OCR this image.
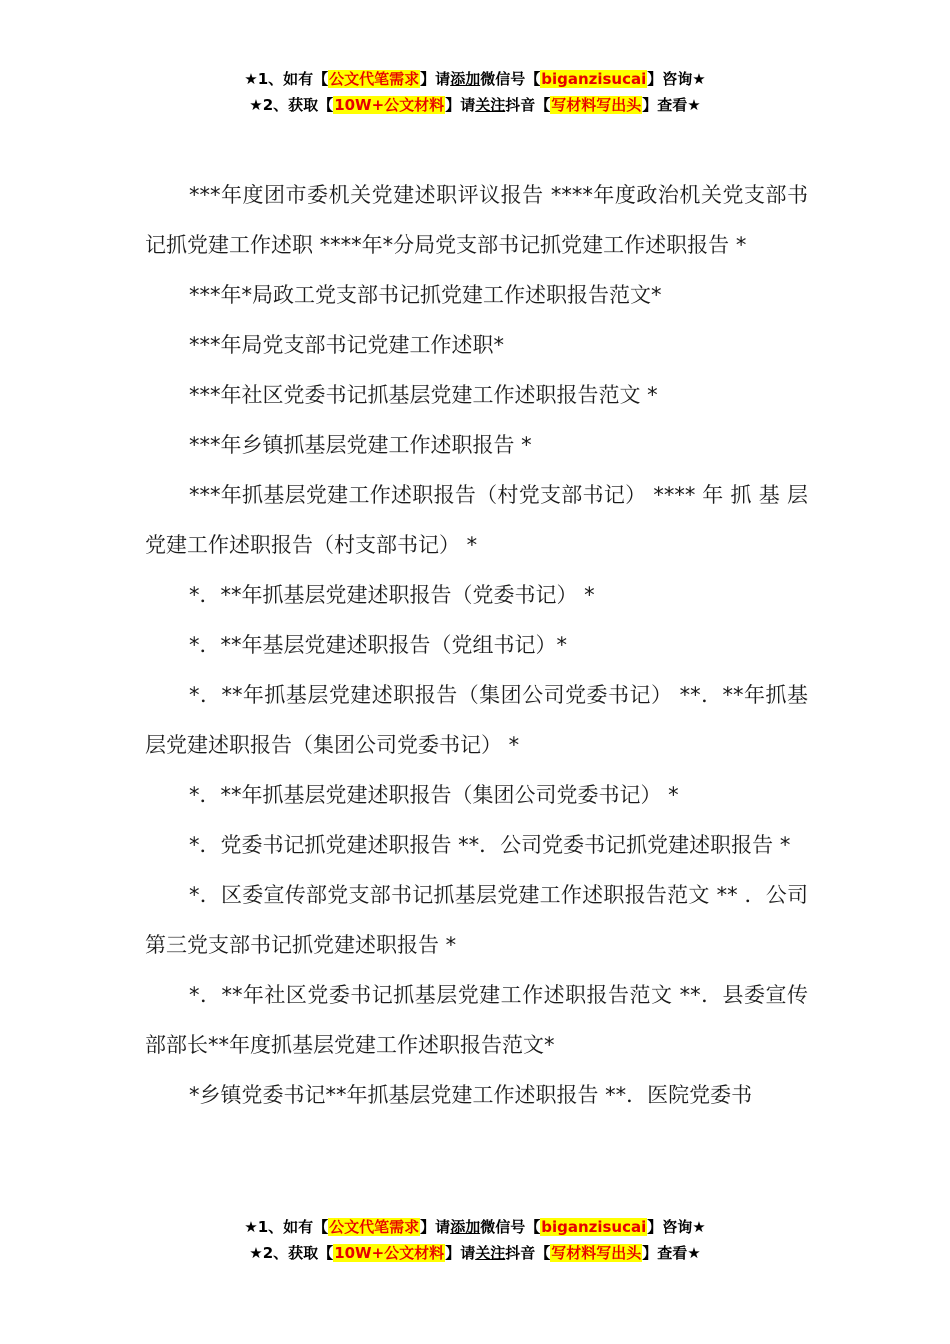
★1、如有【公文代笔需求】请添加微信号【biganzisucai】咨询★
★2、获取【10W+公文材料】请关注抖音【写材料写出头】查看★

***年度团市委机关党建述职评议报告 ****年度政治机关党支部书记抓党建工作述职 ****年*分局党支部书记抓党建工作述职报告 *

***年*局政工党支部书记抓党建工作述职报告范文*

***年局党支部书记党建工作述职*

***年社区党委书记抓基层党建工作述职报告范文 *

***年乡镇抓基层党建工作述职报告 *

***年抓基层党建工作述职报告（村党支部书记） **** 年 抓 基 层党建工作述职报告（村支部书记） *

*．**年抓基层党建述职报告（党委书记） *

*．**年基层党建述职报告（党组书记）*

*．**年抓基层党建述职报告（集团公司党委书记） **．**年抓基层党建述职报告（集团公司党委书记） *

*．**年抓基层党建述职报告（集团公司党委书记） *

*．党委书记抓党建述职报告 **．公司党委书记抓党建述职报告 *

*．区委宣传部党支部书记抓基层党建工作述职报告范文 ** ．公司第三党支部书记抓党建述职报告 *

*．**年社区党委书记抓基层党建工作述职报告范文 **．县委宣传部部长**年度抓基层党建工作述职报告范文*

*乡镇党委书记**年抓基层党建工作述职报告 **．医院党委书

★1、如有【公文代笔需求】请添加微信号【biganzisucai】咨询★
★2、获取【10W+公文材料】请关注抖音【写材料写出头】查看★
